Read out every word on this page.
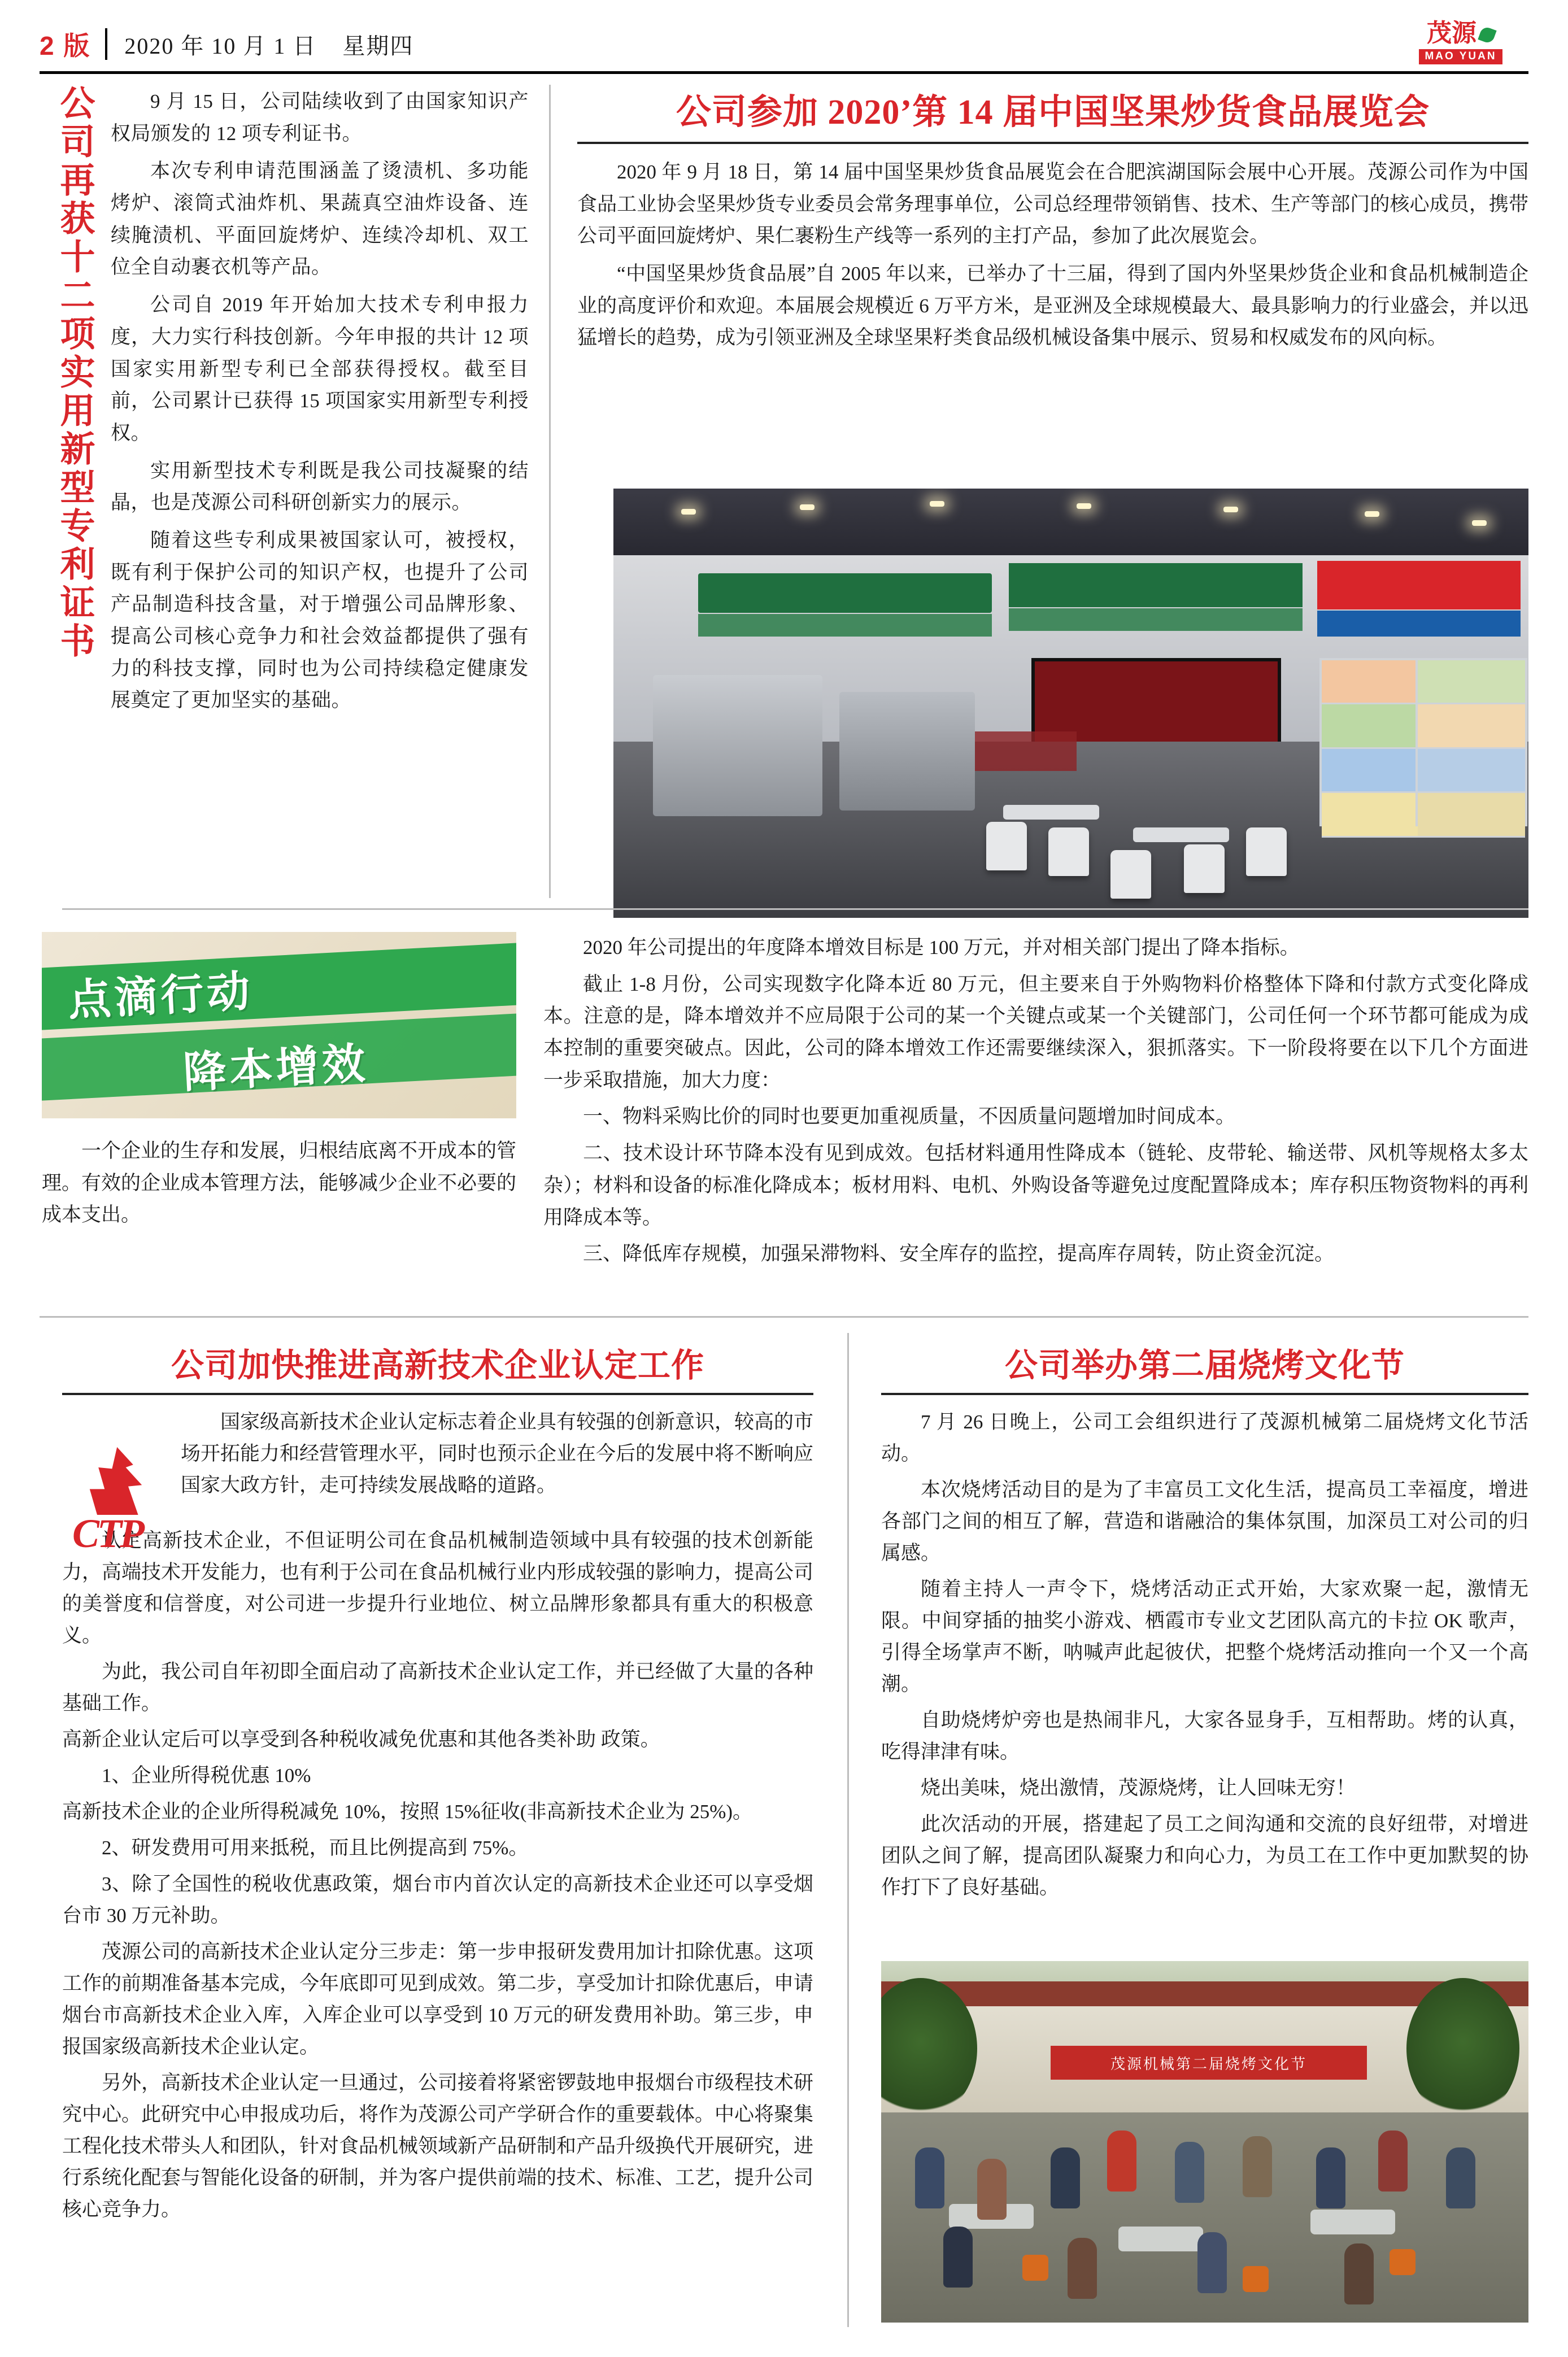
2 版 2020 年 10 月 1 日 星期四	茂源
MAO YUAN
公司再获十二项实用新型专利证书	9 月 15 日，公司陆续收到了由国家知识产权局颁发的 12 项专利证书。

本次专利申请范围涵盖了烫渍机、多功能烤炉、滚筒式油炸机、果蔬真空油炸设备、连续腌渍机、平面回旋烤炉、连续冷却机、双工位全自动裹衣机等产品。

公司自 2019 年开始加大技术专利申报力度，大力实行科技创新。今年申报的共计 12 项国家实用新型专利已全部获得授权。截至目前，公司累计已获得 15 项国家实用新型专利授权。

实用新型技术专利既是我公司技凝聚的结晶，也是茂源公司科研创新实力的展示。

随着这些专利成果被国家认可，被授权，既有利于保护公司的知识产权，也提升了公司产品制造科技含量，对于增强公司品牌形象、提高公司核心竞争力和社会效益都提供了强有力的科技支撑，同时也为公司持续稳定健康发展奠定了更加坚实的基础。

公司参加 2020’第 14 届中国坚果炒货食品展览会

2020 年 9 月 18 日，第 14 届中国坚果炒货食品展览会在合肥滨湖国际会展中心开展。茂源公司作为中国食品工业协会坚果炒货专业委员会常务理事单位，公司总经理带领销售、技术、生产等部门的核心成员，携带公司平面回旋烤炉、果仁裹粉生产线等一系列的主打产品，参加了此次展览会。

“中国坚果炒货食品展”自 2005 年以来，已举办了十三届，得到了国内外坚果炒货企业和食品机械制造企业的高度评价和欢迎。本届展会规模近 6 万平方米，是亚洲及全球规模最大、最具影响力的行业盛会，并以迅猛增长的趋势，成为引领亚洲及全球坚果籽类食品级机械设备集中展示、贸易和权威发布的风向标。

点滴行动
降本增效

一个企业的生存和发展，归根结底离不开成本的管理。有效的企业成本管理方法，能够减少企业不必要的成本支出。

2020 年公司提出的年度降本增效目标是 100 万元，并对相关部门提出了降本指标。

截止 1-8 月份，公司实现数字化降本近 80 万元，但主要来自于外购物料价格整体下降和付款方式变化降成本。注意的是，降本增效并不应局限于公司的某一个关键点或某一个关键部门，公司任何一个环节都可能成为成本控制的重要突破点。因此，公司的降本增效工作还需要继续深入，狠抓落实。下一阶段将要在以下几个方面进一步采取措施，加大力度：

一、物料采购比价的同时也要更加重视质量，不因质量问题增加时间成本。

二、技术设计环节降本没有见到成效。包括材料通用性降成本（链轮、皮带轮、输送带、风机等规格太多太杂）；材料和设备的标准化降成本；板材用料、电机、外购设备等避免过度配置降成本；库存积压物资物料的再利用降成本等。

三、降低库存规模，加强呆滞物料、安全库存的监控，提高库存周转，防止资金沉淀。

公司加快推进高新技术企业认定工作
CTP

国家级高新技术企业认定标志着企业具有较强的创新意识，较高的市场开拓能力和经营管理水平，同时也预示企业在今后的发展中将不断响应国家大政方针，走可持续发展战略的道路。

认定高新技术企业，不但证明公司在食品机械制造领域中具有较强的技术创新能力，高端技术开发能力，也有利于公司在食品机械行业内形成较强的影响力，提高公司的美誉度和信誉度，对公司进一步提升行业地位、树立品牌形象都具有重大的积极意义。

为此，我公司自年初即全面启动了高新技术企业认定工作，并已经做了大量的各种基础工作。

高新企业认定后可以享受到各种税收减免优惠和其他各类补助 政策。

1、企业所得税优惠 10%

高新技术企业的企业所得税减免 10%，按照 15%征收(非高新技术企业为 25%)。

2、研发费用可用来抵税，而且比例提高到 75%。

3、除了全国性的税收优惠政策，烟台市内首次认定的高新技术企业还可以享受烟台市 30 万元补助。

茂源公司的高新技术企业认定分三步走：第一步申报研发费用加计扣除优惠。这项工作的前期准备基本完成，今年底即可见到成效。第二步，享受加计扣除优惠后，申请烟台市高新技术企业入库，入库企业可以享受到 10 万元的研发费用补助。第三步，申报国家级高新技术企业认定。

另外，高新技术企业认定一旦通过，公司接着将紧密锣鼓地申报烟台市级程技术研究中心。此研究中心申报成功后，将作为茂源公司产学研合作的重要载体。中心将聚集工程化技术带头人和团队，针对食品机械领域新产品研制和产品升级换代开展研究，进行系统化配套与智能化设备的研制，并为客户提供前端的技术、标准、工艺，提升公司核心竞争力。

公司举办第二届烧烤文化节

7 月 26 日晚上，公司工会组织进行了茂源机械第二届烧烤文化节活动。

本次烧烤活动目的是为了丰富员工文化生活，提高员工幸福度，增进各部门之间的相互了解，营造和谐融洽的集体氛围，加深员工对公司的归属感。

随着主持人一声令下，烧烤活动正式开始，大家欢聚一起，激情无限。中间穿插的抽奖小游戏、栖霞市专业文艺团队高亢的卡拉 OK 歌声，引得全场掌声不断，呐喊声此起彼伏，把整个烧烤活动推向一个又一个高潮。

自助烧烤炉旁也是热闹非凡，大家各显身手，互相帮助。烤的认真，吃得津津有味。

烧出美味，烧出激情，茂源烧烤，让人回味无穷！

此次活动的开展，搭建起了员工之间沟通和交流的良好纽带，对增进团队之间了解，提高团队凝聚力和向心力，为员工在工作中更加默契的协作打下了良好基础。

茂源机械第二届烧烤文化节
